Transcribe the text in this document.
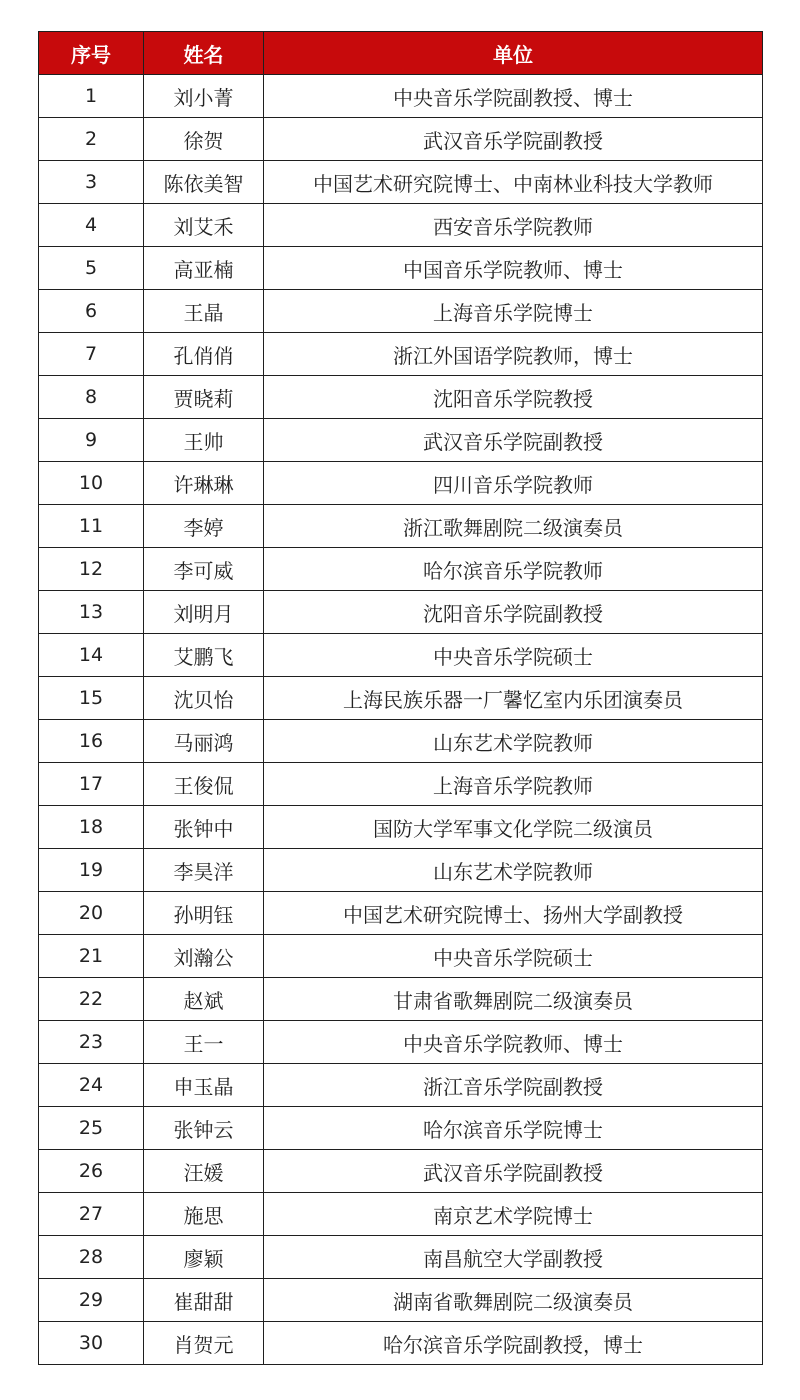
序号	姓名	单位
1	刘小菁	中央音乐学院副教授、博士
2	徐贺	武汉音乐学院副教授
3	陈依美智	中国艺术研究院博士、中南林业科技大学教师
4	刘艾禾	西安音乐学院教师
5	高亚楠	中国音乐学院教师、博士
6	王晶	上海音乐学院博士
7	孔俏俏	浙江外国语学院教师，博士
8	贾晓莉	沈阳音乐学院教授
9	王帅	武汉音乐学院副教授
10	许琳琳	四川音乐学院教师
11	李婷	浙江歌舞剧院二级演奏员
12	李可威	哈尔滨音乐学院教师
13	刘明月	沈阳音乐学院副教授
14	艾鹏飞	中央音乐学院硕士
15	沈贝怡	上海民族乐器一厂馨忆室内乐团演奏员
16	马丽鸿	山东艺术学院教师
17	王俊侃	上海音乐学院教师
18	张钟中	国防大学军事文化学院二级演员
19	李昊洋	山东艺术学院教师
20	孙明钰	中国艺术研究院博士、扬州大学副教授
21	刘瀚公	中央音乐学院硕士
22	赵斌	甘肃省歌舞剧院二级演奏员
23	王一	中央音乐学院教师、博士
24	申玉晶	浙江音乐学院副教授
25	张钟云	哈尔滨音乐学院博士
26	汪媛	武汉音乐学院副教授
27	施思	南京艺术学院博士
28	廖颖	南昌航空大学副教授
29	崔甜甜	湖南省歌舞剧院二级演奏员
30	肖贺元	哈尔滨音乐学院副教授，博士
